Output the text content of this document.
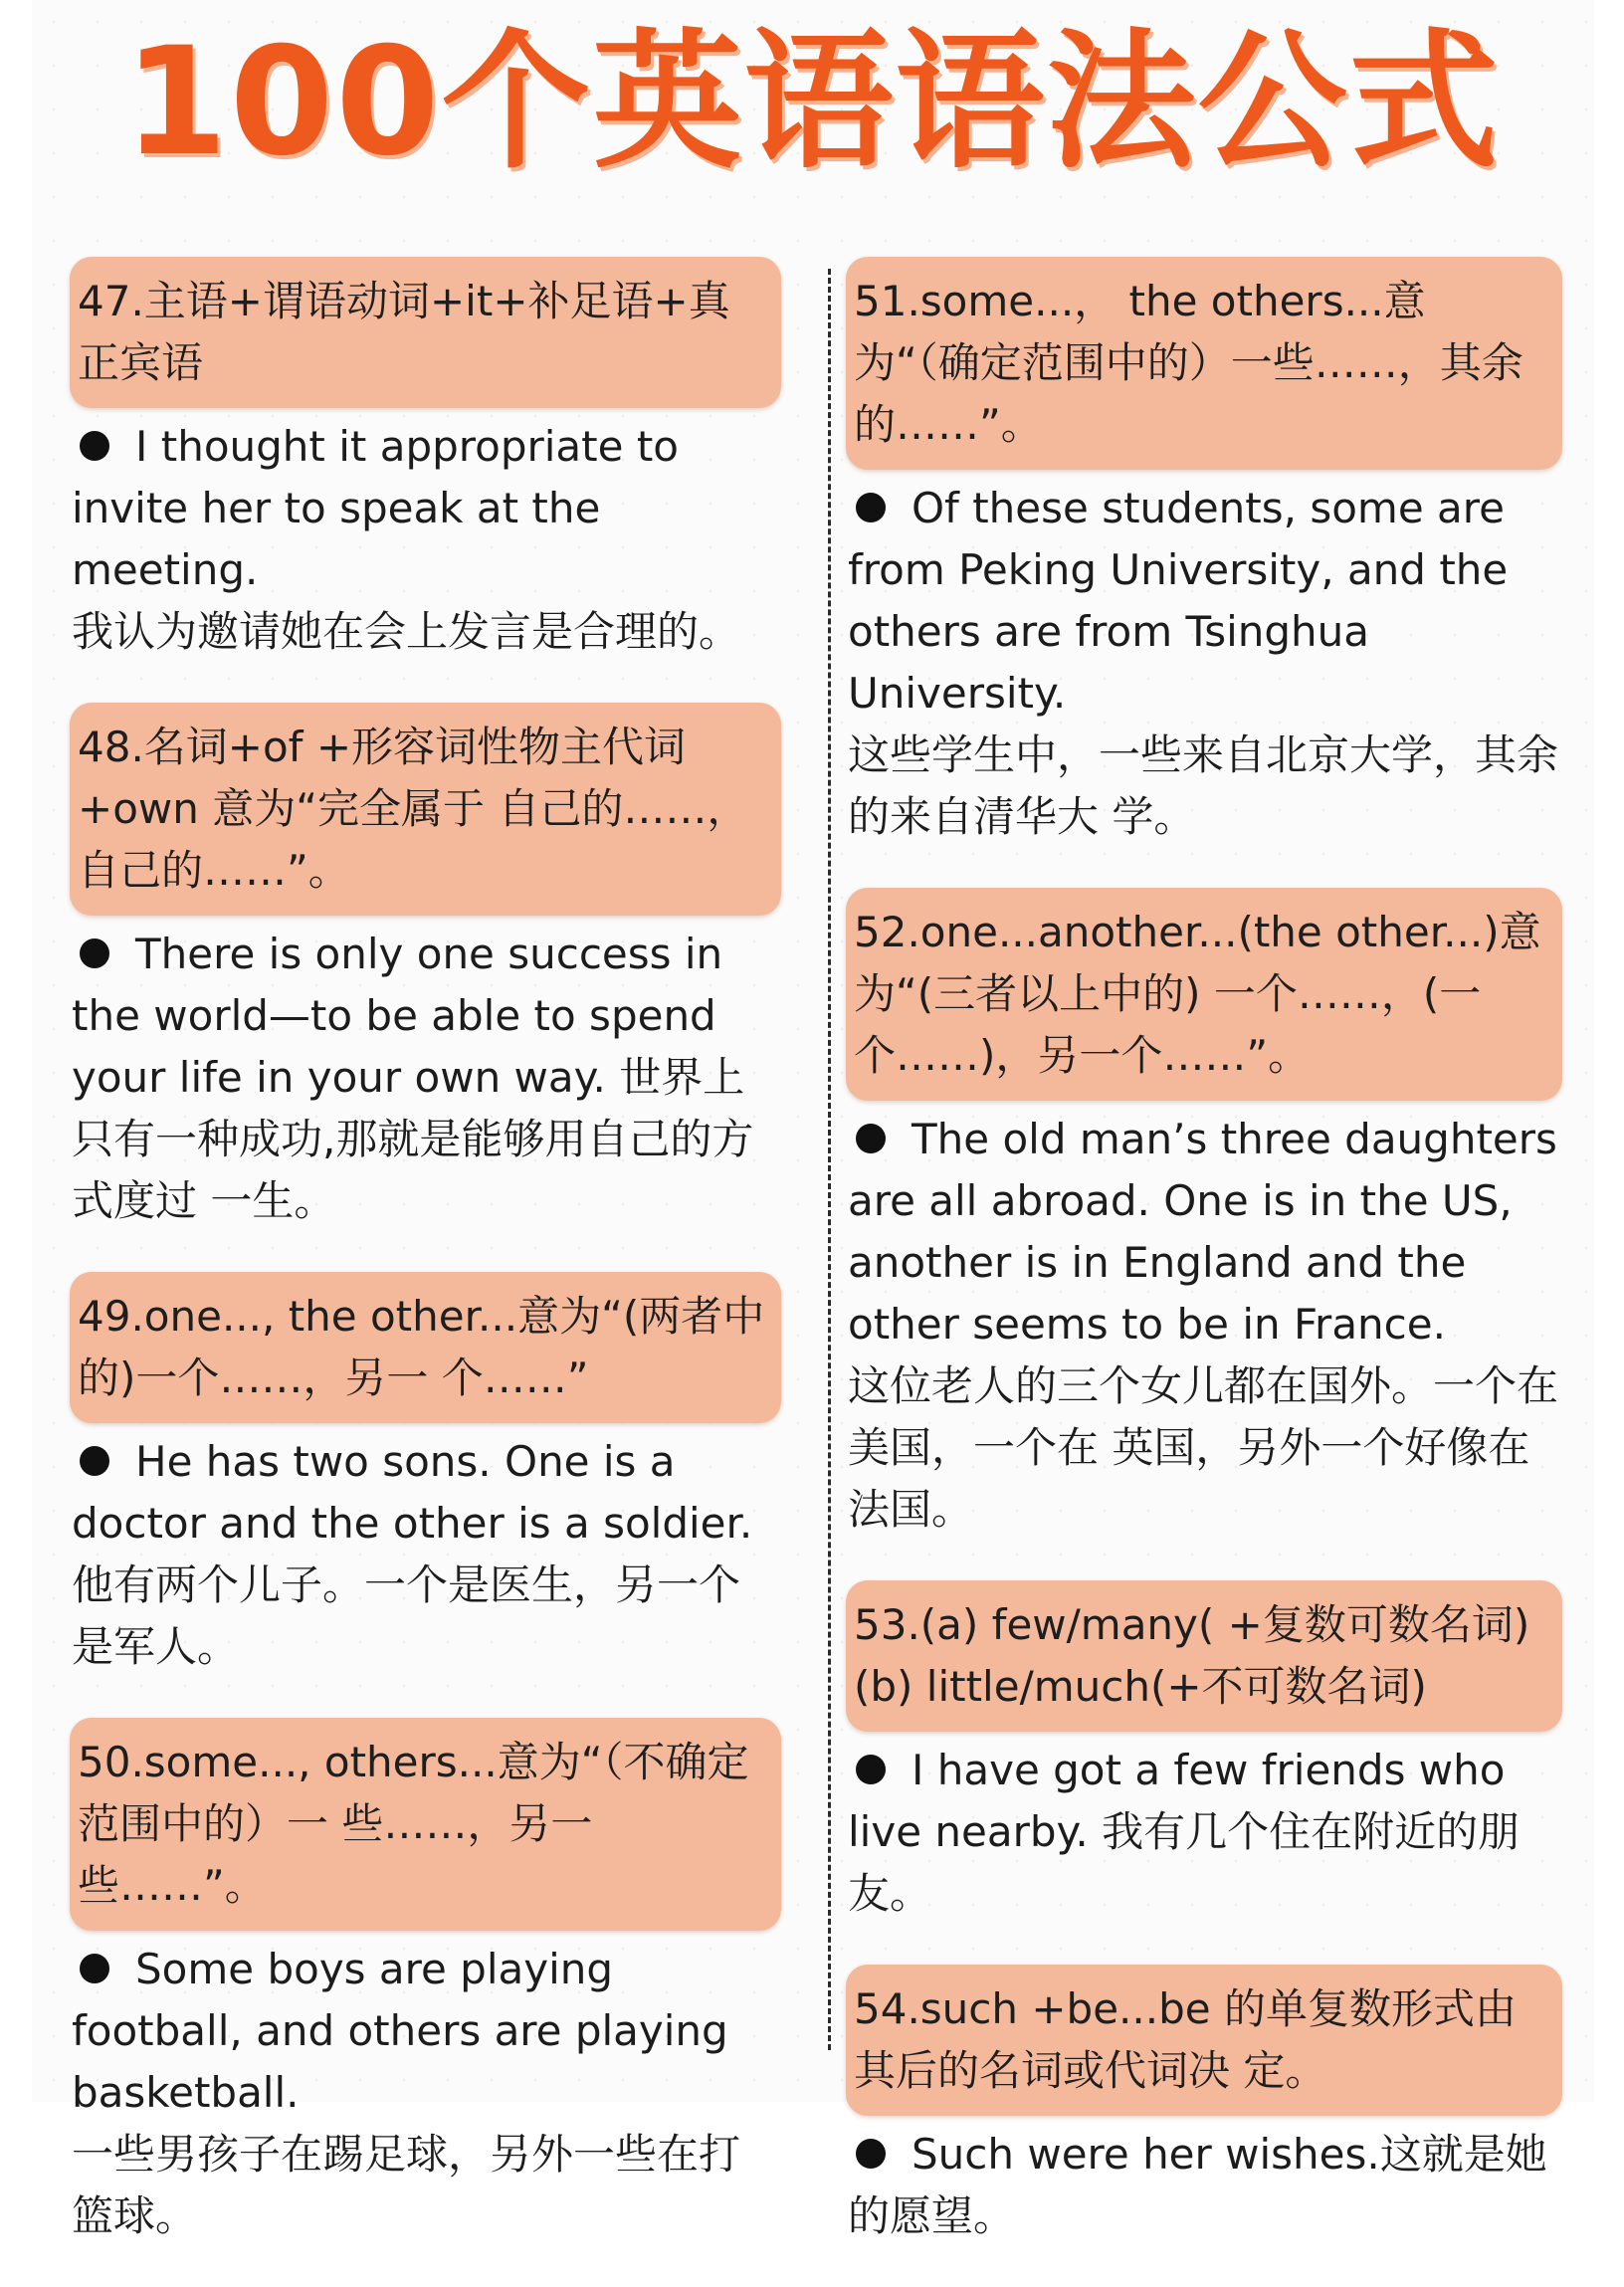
100个英语语法公式
47.主语+谓语动词+it+补足语+真正宾语
I thought it appropriate to invite her to speak at the meeting.
我认为邀请她在会上发言是合理的。
48.名词+of +形容词性物主代词+own 意为“完全属于 自己的……， 自己的……”。
There is only one success in the world—to be able to spend your life in your own way. 世界上只有一种成功,那就是能够用自己的方式度过 一生。
49.one..., the other...意为“(两者中的)一个……，另一 个……”
He has two sons. One is a doctor and the other is a soldier.
他有两个儿子。一个是医生，另一个是军人。
50.some..., others...意为“（不确定范围中的）一 些……，另一些……”。
Some boys are playing football, and others are playing basketball.
一些男孩子在踢足球，另外一些在打篮球。
51.some...， the others...意为“（确定范围中的）一些……，其余的……”。
Of these students, some are from Peking University, and the others are from Tsinghua University.
这些学生中，一些来自北京大学，其余的来自清华大 学。
52.one...another...(the other...)意为“(三者以上中的) 一个……，(一个……)，另一个……”。
The old man’s three daughters are all abroad. One is in the US, another is in England and the other seems to be in France.
这位老人的三个女儿都在国外。一个在美国，一个在 英国，另外一个好像在法国。
53.(a) few/many( +复数可数名词)(b) little/much(+不可数名词)
I have got a few friends who live nearby. 我有几个住在附近的朋友。
54.such +be...be 的单复数形式由其后的名词或代词决 定。
Such were her wishes.这就是她的愿望。
